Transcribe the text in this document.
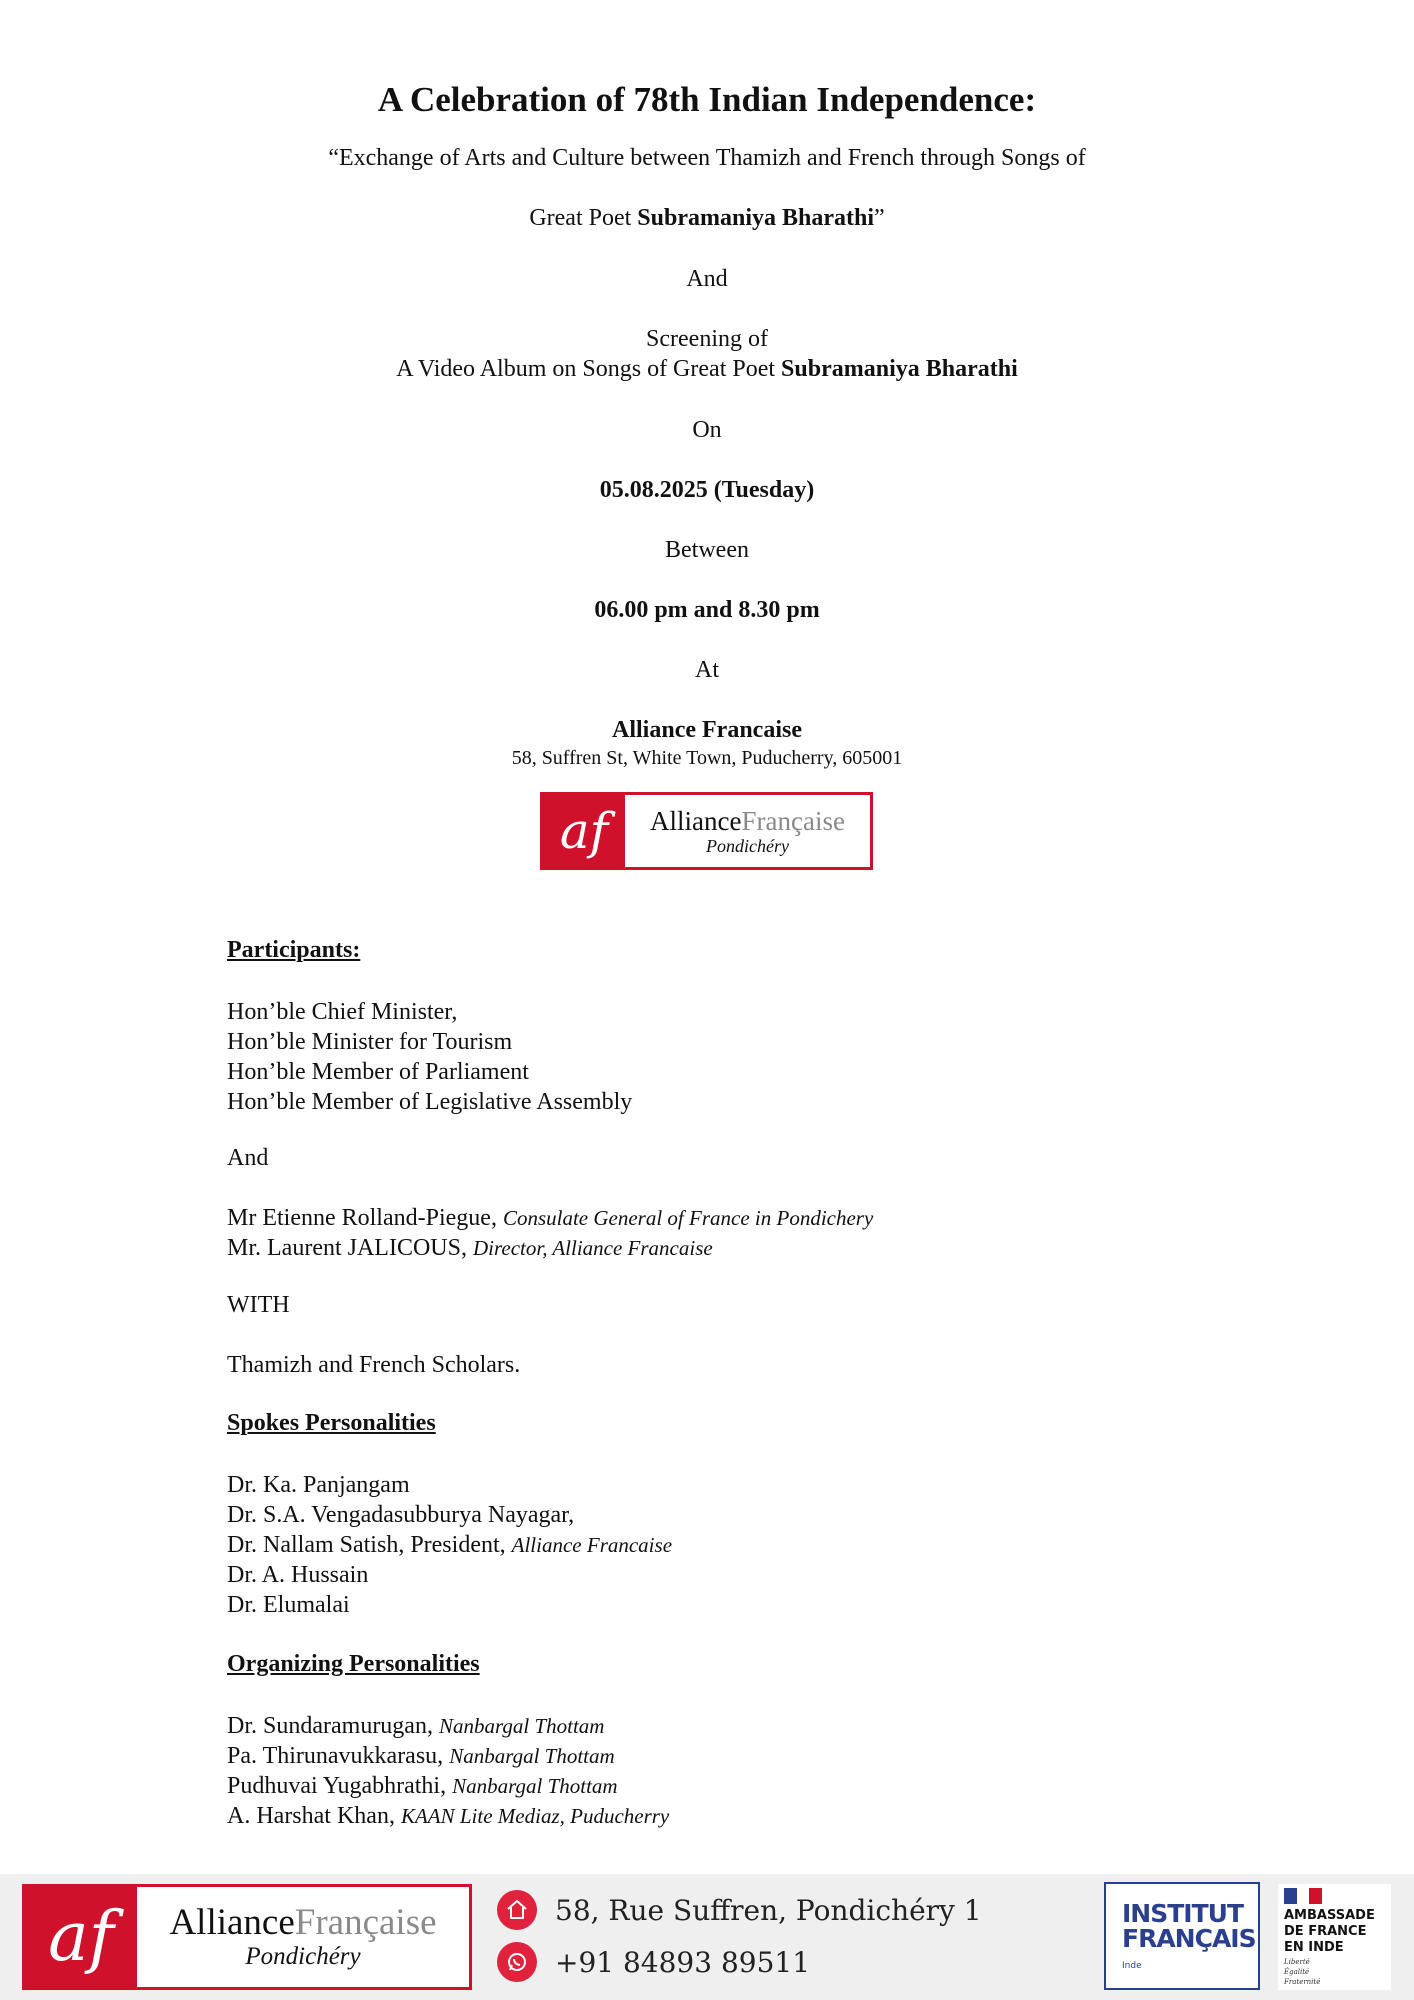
A Celebration of 78th Indian Independence:
“Exchange of Arts and Culture between Thamizh and French through Songs of
Great Poet Subramaniya Bharathi”
And
Screening of
A Video Album on Songs of Great Poet Subramaniya Bharathi
On
05.08.2025 (Tuesday)
Between
06.00 pm and 8.30 pm
At
Alliance Francaise
58, Suffren St, White Town, Puducherry, 605001
af	AllianceFrançaise
Pondichéry
Participants:
Hon’ble Chief Minister,
Hon’ble Minister for Tourism
Hon’ble Member of Parliament
Hon’ble Member of Legislative Assembly
And
Mr Etienne Rolland-Piegue, Consulate General of France in Pondichery
Mr. Laurent JALICOUS, Director, Alliance Francaise
WITH
Thamizh and French Scholars.
Spokes Personalities
Dr. Ka. Panjangam
Dr. S.A. Vengadasubburya Nayagar,
Dr. Nallam Satish, President, Alliance Francaise
Dr. A. Hussain
Dr. Elumalai
Organizing Personalities
Dr. Sundaramurugan, Nanbargal Thottam
Pa. Thirunavukkarasu, Nanbargal Thottam
Pudhuvai Yugabhrathi, Nanbargal Thottam
A. Harshat Khan, KAAN Lite Mediaz, Puducherry
af	AllianceFrançaise
Pondichéry
58, Rue Suffren, Pondichéry 1
+91 84893 89511
INSTITUT
FRANÇAIS
Inde
AMBASSADE
DE FRANCE
EN INDE
Liberté
Égalité
Fraternité
